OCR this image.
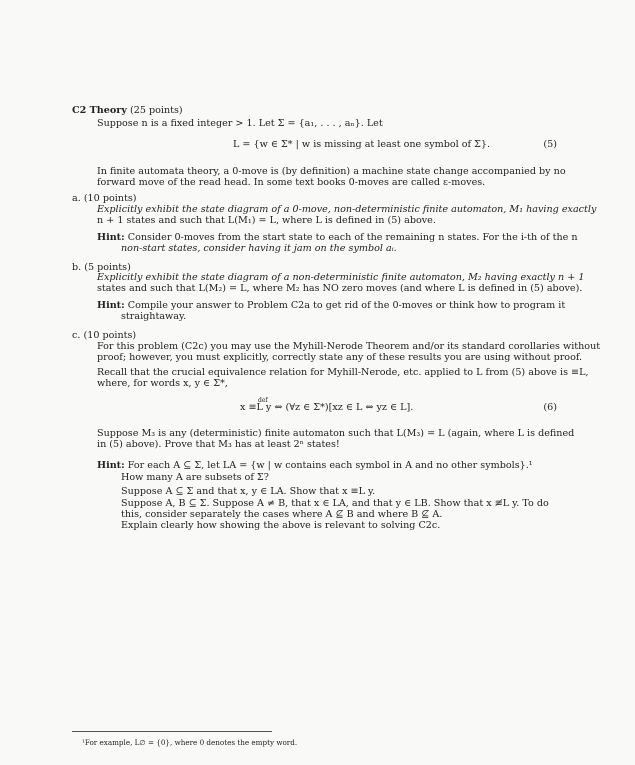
C2 Theory (25 points)
Suppose n is a fixed integer > 1. Let Σ = {a₁, . . . , aₙ}. Let
L = {w ∈ Σ* | w is missing at least one symbol of Σ}.	(5)
In finite automata theory, a 0-move is (by definition) a machine state change accompanied by no
forward move of the read head. In some text books 0-moves are called ε-moves.
a. (10 points)
Explicitly exhibit the state diagram of a 0-move, non-deterministic finite automaton, M₁ having exactly
n + 1 states and such that L(M₁) = L, where L is defined in (5) above.
Hint: Consider 0-moves from the start state to each of the remaining n states. For the i-th of the n
non-start states, consider having it jam on the symbol aᵢ.
b. (5 points)
Explicitly exhibit the state diagram of a non-deterministic finite automaton, M₂ having exactly n + 1
states and such that L(M₂) = L, where M₂ has NO zero moves (and where L is defined in (5) above).
Hint: Compile your answer to Problem C2a to get rid of the 0-moves or think how to program it
straightaway.
c. (10 points)
For this problem (C2c) you may use the Myhill-Nerode Theorem and/or its standard corollaries without
proof; however, you must explicitly, correctly state any of these results you are using without proof.
Recall that the crucial equivalence relation for Myhill-Nerode, etc. applied to L from (5) above is ≡L,
where, for words x, y ∈ Σ*,
def
x ≡L y ⇔ (∀z ∈ Σ*)[xz ∈ L ⇔ yz ∈ L].	(6)
Suppose M₃ is any (deterministic) finite automaton such that L(M₃) = L (again, where L is defined
in (5) above). Prove that M₃ has at least 2ⁿ states!
Hint: For each A ⊆ Σ, let LA = {w | w contains each symbol in A and no other symbols}.¹
How many A are subsets of Σ?
Suppose A ⊆ Σ and that x, y ∈ LA. Show that x ≡L y.
Suppose A, B ⊆ Σ. Suppose A ≠ B, that x ∈ LA, and that y ∈ LB. Show that x ≢L y. To do
this, consider separately the cases where A ⊈ B and where B ⊈ A.
Explain clearly how showing the above is relevant to solving C2c.
¹For example, L∅ = {0}, where 0 denotes the empty word.
